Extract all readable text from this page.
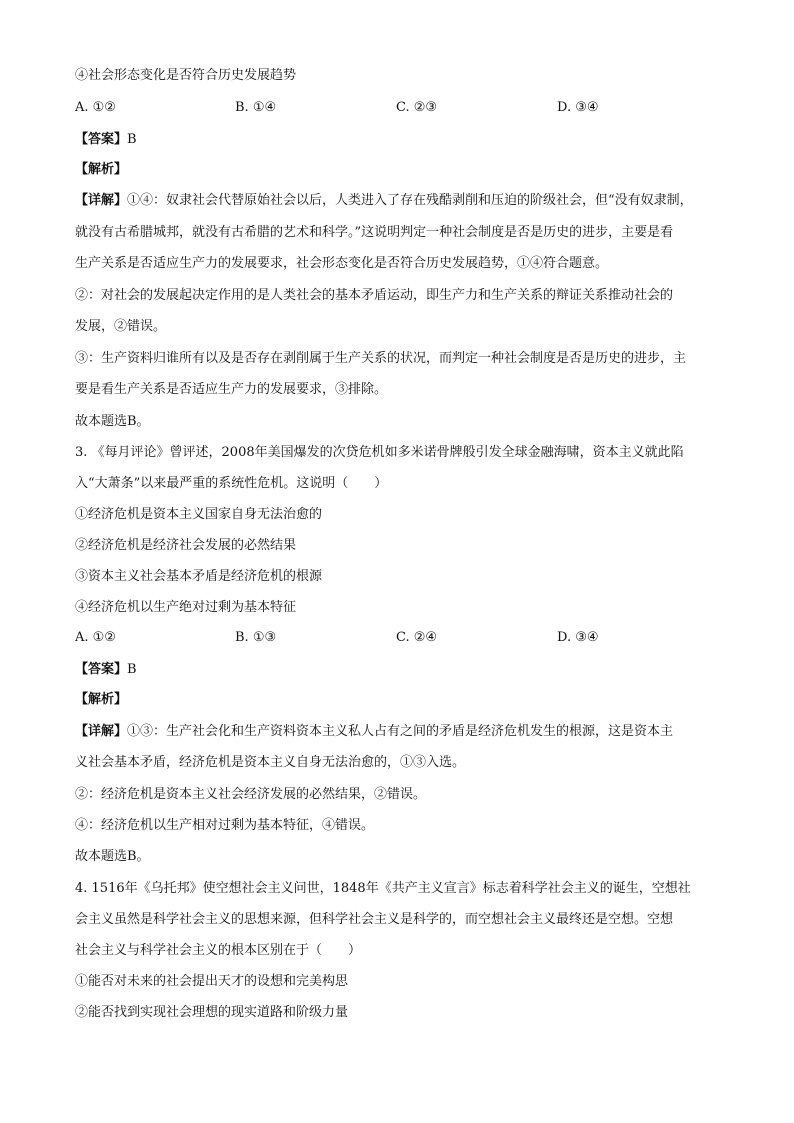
④社会形态变化是否符合历史发展趋势
A. ①②	B. ①④	C. ②③	D. ③④
【答案】B
【解析】
【详解】①④：奴隶社会代替原始社会以后，人类进入了存在残酷剥削和压迫的阶级社会，但“没有奴隶制，
就没有古希腊城邦，就没有古希腊的艺术和科学。”这说明判定一种社会制度是否是历史的进步，主要是看
生产关系是否适应生产力的发展要求，社会形态变化是否符合历史发展趋势，①④符合题意。
②：对社会的发展起决定作用的是人类社会的基本矛盾运动，即生产力和生产关系的辩证关系推动社会的
发展，②错误。
③：生产资料归谁所有以及是否存在剥削属于生产关系的状况，而判定一种社会制度是否是历史的进步，主
要是看生产关系是否适应生产力的发展要求，③排除。
故本题选B。
3. 《每月评论》曾评述，2008年美国爆发的次贷危机如多米诺骨牌般引发全球金融海啸，资本主义就此陷
入“大萧条”以来最严重的系统性危机。这说明（　　）
①经济危机是资本主义国家自身无法治愈的
②经济危机是经济社会发展的必然结果
③资本主义社会基本矛盾是经济危机的根源
④经济危机以生产绝对过剩为基本特征
A. ①②	B. ①③	C. ②④	D. ③④
【答案】B
【解析】
【详解】①③：生产社会化和生产资料资本主义私人占有之间的矛盾是经济危机发生的根源，这是资本主
义社会基本矛盾，经济危机是资本主义自身无法治愈的，①③入选。
②：经济危机是资本主义社会经济发展的必然结果，②错误。
④：经济危机以生产相对过剩为基本特征，④错误。
故本题选B。
4. 1516年《乌托邦》使空想社会主义问世，1848年《共产主义宣言》标志着科学社会主义的诞生，空想社
会主义虽然是科学社会主义的思想来源，但科学社会主义是科学的，而空想社会主义最终还是空想。空想
社会主义与科学社会主义的根本区别在于（　　）
①能否对未来的社会提出天才的设想和完美构思
②能否找到实现社会理想的现实道路和阶级力量
